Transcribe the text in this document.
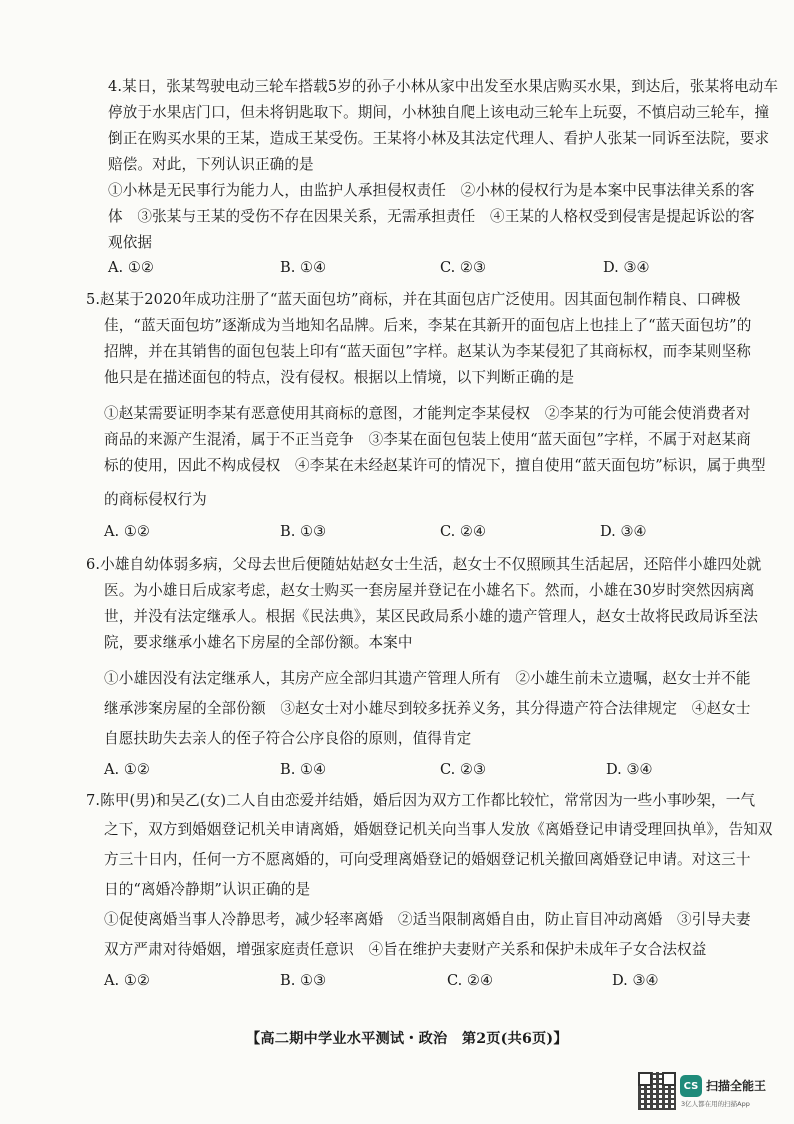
4.某日，张某驾驶电动三轮车搭载5岁的孙子小林从家中出发至水果店购买水果，到达后，张某将电动车
停放于水果店门口，但未将钥匙取下。期间，小林独自爬上该电动三轮车上玩耍，不慎启动三轮车，撞
倒正在购买水果的王某，造成王某受伤。王某将小林及其法定代理人、看护人张某一同诉至法院，要求
赔偿。对此，下列认识正确的是
①小林是无民事行为能力人，由监护人承担侵权责任　②小林的侵权行为是本案中民事法律关系的客
体　③张某与王某的受伤不存在因果关系，无需承担责任　④王某的人格权受到侵害是提起诉讼的客
观依据
A. ①②	B. ①④	C. ②③	D. ③④
5.赵某于2020年成功注册了“蓝天面包坊”商标，并在其面包店广泛使用。因其面包制作精良、口碑极
佳，“蓝天面包坊”逐渐成为当地知名品牌。后来，李某在其新开的面包店上也挂上了“蓝天面包坊”的
招牌，并在其销售的面包包装上印有“蓝天面包”字样。赵某认为李某侵犯了其商标权，而李某则坚称
他只是在描述面包的特点，没有侵权。根据以上情境，以下判断正确的是
①赵某需要证明李某有恶意使用其商标的意图，才能判定李某侵权　②李某的行为可能会使消费者对
商品的来源产生混淆，属于不正当竞争　③李某在面包包装上使用“蓝天面包”字样，不属于对赵某商
标的使用，因此不构成侵权　④李某在未经赵某许可的情况下，擅自使用“蓝天面包坊”标识，属于典型
的商标侵权行为
A. ①②	B. ①③	C. ②④	D. ③④
6.小雄自幼体弱多病，父母去世后便随姑姑赵女士生活，赵女士不仅照顾其生活起居，还陪伴小雄四处就
医。为小雄日后成家考虑，赵女士购买一套房屋并登记在小雄名下。然而，小雄在30岁时突然因病离
世，并没有法定继承人。根据《民法典》，某区民政局系小雄的遗产管理人，赵女士故将民政局诉至法
院，要求继承小雄名下房屋的全部份额。本案中
①小雄因没有法定继承人，其房产应全部归其遗产管理人所有　②小雄生前未立遗嘱，赵女士并不能
继承涉案房屋的全部份额　③赵女士对小雄尽到较多抚养义务，其分得遗产符合法律规定　④赵女士
自愿扶助失去亲人的侄子符合公序良俗的原则，值得肯定
A. ①②	B. ①④	C. ②③	D. ③④
7.陈甲(男)和吴乙(女)二人自由恋爱并结婚，婚后因为双方工作都比较忙，常常因为一些小事吵架，一气
之下，双方到婚姻登记机关申请离婚，婚姻登记机关向当事人发放《离婚登记申请受理回执单》，告知双
方三十日内，任何一方不愿离婚的，可向受理离婚登记的婚姻登记机关撤回离婚登记申请。对这三十
日的“离婚冷静期”认识正确的是
①促使离婚当事人冷静思考，减少轻率离婚　②适当限制离婚自由，防止盲目冲动离婚　③引导夫妻
双方严肃对待婚姻，增强家庭责任意识　④旨在维护夫妻财产关系和保护未成年子女合法权益
A. ①②	B. ①③	C. ②④	D. ③④
【高二期中学业水平测试・政治　第2页(共6页)】
CS 扫描全能王
3亿人都在用的扫描App
